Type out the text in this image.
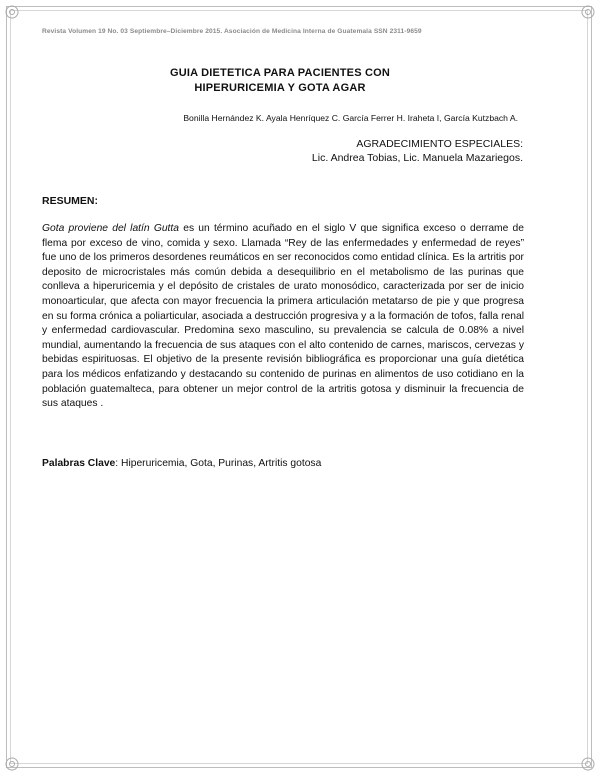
Revista Volumen 19 No. 03 Septiembre–Diciembre 2015. Asociación de Medicina Interna de Guatemala SSN 2311-9659
GUIA DIETETICA PARA PACIENTES CON
HIPERURICEMIA Y GOTA AGAR
Bonilla Hernández K. Ayala Henríquez C. García Ferrer H. Iraheta I, García Kutzbach A.
AGRADECIMIENTO ESPECIALES:
Lic. Andrea Tobias, Lic. Manuela Mazariegos.
RESUMEN:

Gota proviene del latín Gutta es un término acuñado en el siglo V que significa exceso o derrame de flema por exceso de vino, comida y sexo. Llamada “Rey de las enfermedades y enfermedad de reyes” fue uno de los primeros desordenes reumáticos en ser reconocidos como entidad clínica. Es la artritis por deposito de microcristales más común debida a desequilibrio en el metabolismo de las purinas que conlleva a hiperuricemia y el depósito de cristales de urato monosódico, caracterizada por ser de inicio monoarticular, que afecta con mayor frecuencia la primera articulación metatarso de pie y que progresa en su forma crónica a poliarticular, asociada a destrucción progresiva y a la formación de tofos, falla renal y enfermedad cardiovascular. Predomina sexo masculino, su prevalencia se calcula de 0.08% a nivel mundial, aumentando la frecuencia de sus ataques con el alto contenido de carnes, mariscos, cervezas y bebidas espirituosas. El objetivo de la presente revisión bibliográfica es proporcionar una guía dietética para los médicos enfatizando y destacando su contenido de purinas en alimentos de uso cotidiano en la población guatemalteca, para obtener un mejor control de la artritis gotosa y disminuir la frecuencia de sus ataques .

Palabras Clave: Hiperuricemia, Gota, Purinas, Artritis gotosa
